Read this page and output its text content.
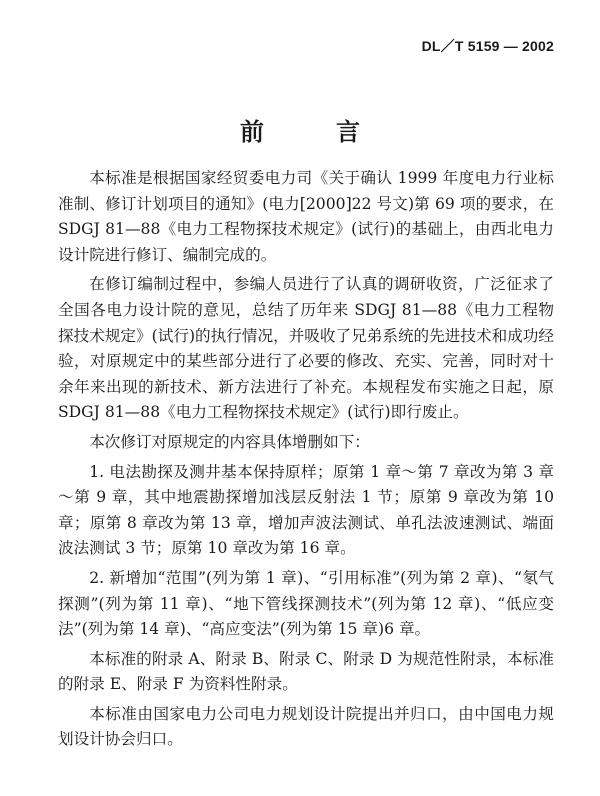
DL／T 5159 — 2002
前言

本标准是根据国家经贸委电力司《关于确认 1999 年度电力行业标准制、修订计划项目的通知》(电力[2000]22 号文)第 69 项的要求，在 SDGJ 81—88《电力工程物探技术规定》(试行)的基础上，由西北电力设计院进行修订、编制完成的。

在修订编制过程中，参编人员进行了认真的调研收资，广泛征求了全国各电力设计院的意见，总结了历年来 SDGJ 81—88《电力工程物探技术规定》(试行)的执行情况，并吸收了兄弟系统的先进技术和成功经验，对原规定中的某些部分进行了必要的修改、充实、完善，同时对十余年来出现的新技术、新方法进行了补充。本规程发布实施之日起，原 SDGJ 81—88《电力工程物探技术规定》(试行)即行废止。

本次修订对原规定的内容具体增删如下：

1. 电法勘探及测井基本保持原样；原第 1 章～第 7 章改为第 3 章～第 9 章，其中地震勘探增加浅层反射法 1 节；原第 9 章改为第 10 章；原第 8 章改为第 13 章，增加声波法测试、单孔法波速测试、端面波法测试 3 节；原第 10 章改为第 16 章。

2. 新增加“范围”(列为第 1 章)、“引用标准”(列为第 2 章)、“氡气探测”(列为第 11 章)、“地下管线探测技术”(列为第 12 章)、“低应变法”(列为第 14 章)、“高应变法”(列为第 15 章)6 章。

本标准的附录 A、附录 B、附录 C、附录 D 为规范性附录，本标准的附录 E、附录 F 为资料性附录。

本标准由国家电力公司电力规划设计院提出并归口，由中国电力规划设计协会归口。
